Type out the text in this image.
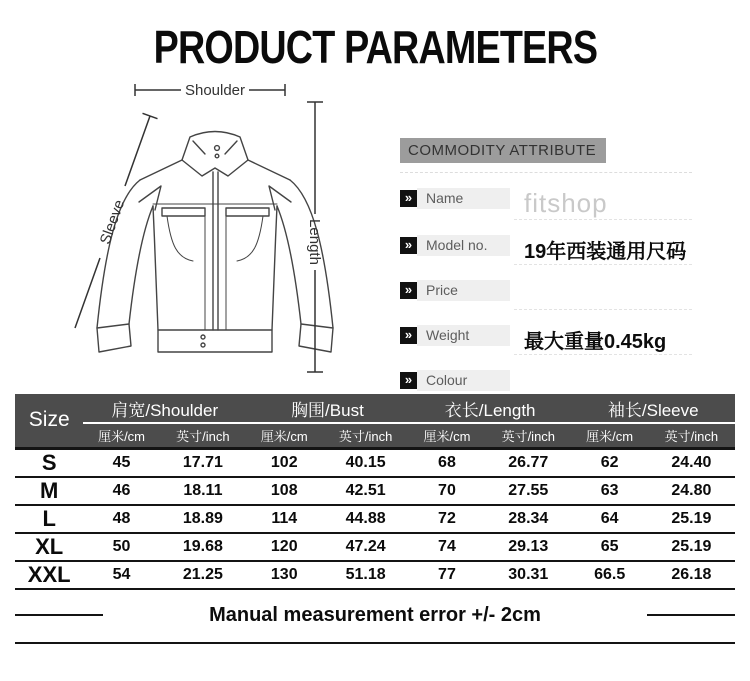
PRODUCT PARAMETERS
Shoulder
Length
Sleeve
COMMODITY ATTRIBUTE
» Name	fitshop
» Model no.	19年西装通用尺码
» Price
» Weight	最大重量0.45kg
» Colour
Size	肩宽/Shoulder		胸围/Bust		衣长/Length		袖长/Sleeve	
	厘米/cm	英寸/inch	厘米/cm	英寸/inch	厘米/cm	英寸/inch	厘米/cm	英寸/inch
S	45	17.71	102	40.15	68	26.77	62	24.40
M	46	18.11	108	42.51	70	27.55	63	24.80
L	48	18.89	114	44.88	72	28.34	64	25.19
XL	50	19.68	120	47.24	74	29.13	65	25.19
XXL	54	21.25	130	51.18	77	30.31	66.5	26.18
Manual measurement error +/- 2cm
